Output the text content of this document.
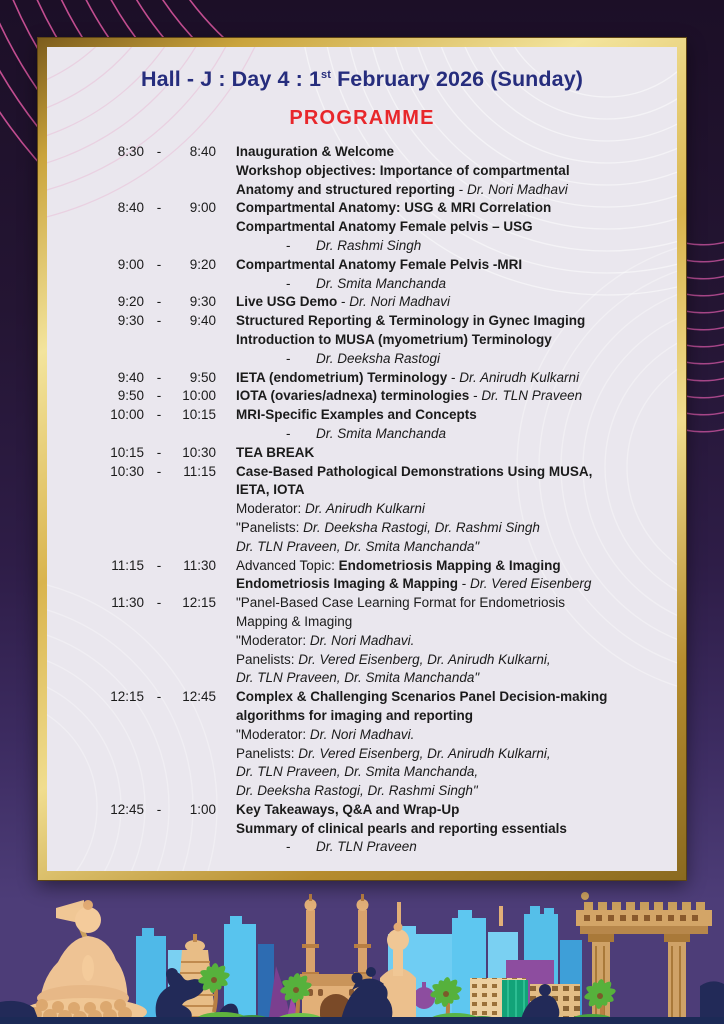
Hall - J : Day 4 : 1st February 2026 (Sunday)
PROGRAMME
8:30 -	8:40 Inauguration & Welcome
Workshop objectives: Importance of compartmental
Anatomy and structured reporting - Dr. Nori Madhavi
8:40 -	9:00 Compartmental Anatomy: USG & MRI Correlation
Compartmental Anatomy Female pelvis – USG
- Dr. Rashmi Singh
9:00 -	9:20 Compartmental Anatomy Female Pelvis -MRI
- Dr. Smita Manchanda
9:20 -	9:30 Live USG Demo - Dr. Nori Madhavi
9:30 -	9:40 Structured Reporting & Terminology in Gynec Imaging
Introduction to MUSA (myometrium) Terminology
- Dr. Deeksha Rastogi
9:40 -	9:50 IETA (endometrium) Terminology - Dr. Anirudh Kulkarni
9:50 -	10:00 IOTA (ovaries/adnexa) terminologies - Dr. TLN Praveen
10:00 -	10:15 MRI-Specific Examples and Concepts
- Dr. Smita Manchanda
10:15 -	10:30 TEA BREAK
10:30 -	11:15 Case-Based Pathological Demonstrations Using MUSA,
IETA, IOTA
Moderator: Dr. Anirudh Kulkarni
"Panelists: Dr. Deeksha Rastogi, Dr. Rashmi Singh
Dr. TLN Praveen, Dr. Smita Manchanda"
11:15 -	11:30 Advanced Topic: Endometriosis Mapping & Imaging
Endometriosis Imaging & Mapping - Dr. Vered Eisenberg
11:30 -	12:15 "Panel-Based Case Learning Format for Endometriosis
Mapping & Imaging
"Moderator: Dr. Nori Madhavi.
Panelists: Dr. Vered Eisenberg, Dr. Anirudh Kulkarni,
Dr. TLN Praveen, Dr. Smita Manchanda"
12:15 -	12:45 Complex & Challenging Scenarios Panel Decision-making
algorithms for imaging and reporting
"Moderator: Dr. Nori Madhavi.
Panelists: Dr. Vered Eisenberg, Dr. Anirudh Kulkarni,
Dr. TLN Praveen, Dr. Smita Manchanda,
Dr. Deeksha Rastogi, Dr. Rashmi Singh"
12:45 -	1:00 Key Takeaways, Q&A and Wrap-Up
Summary of clinical pearls and reporting essentials
- Dr. TLN Praveen
